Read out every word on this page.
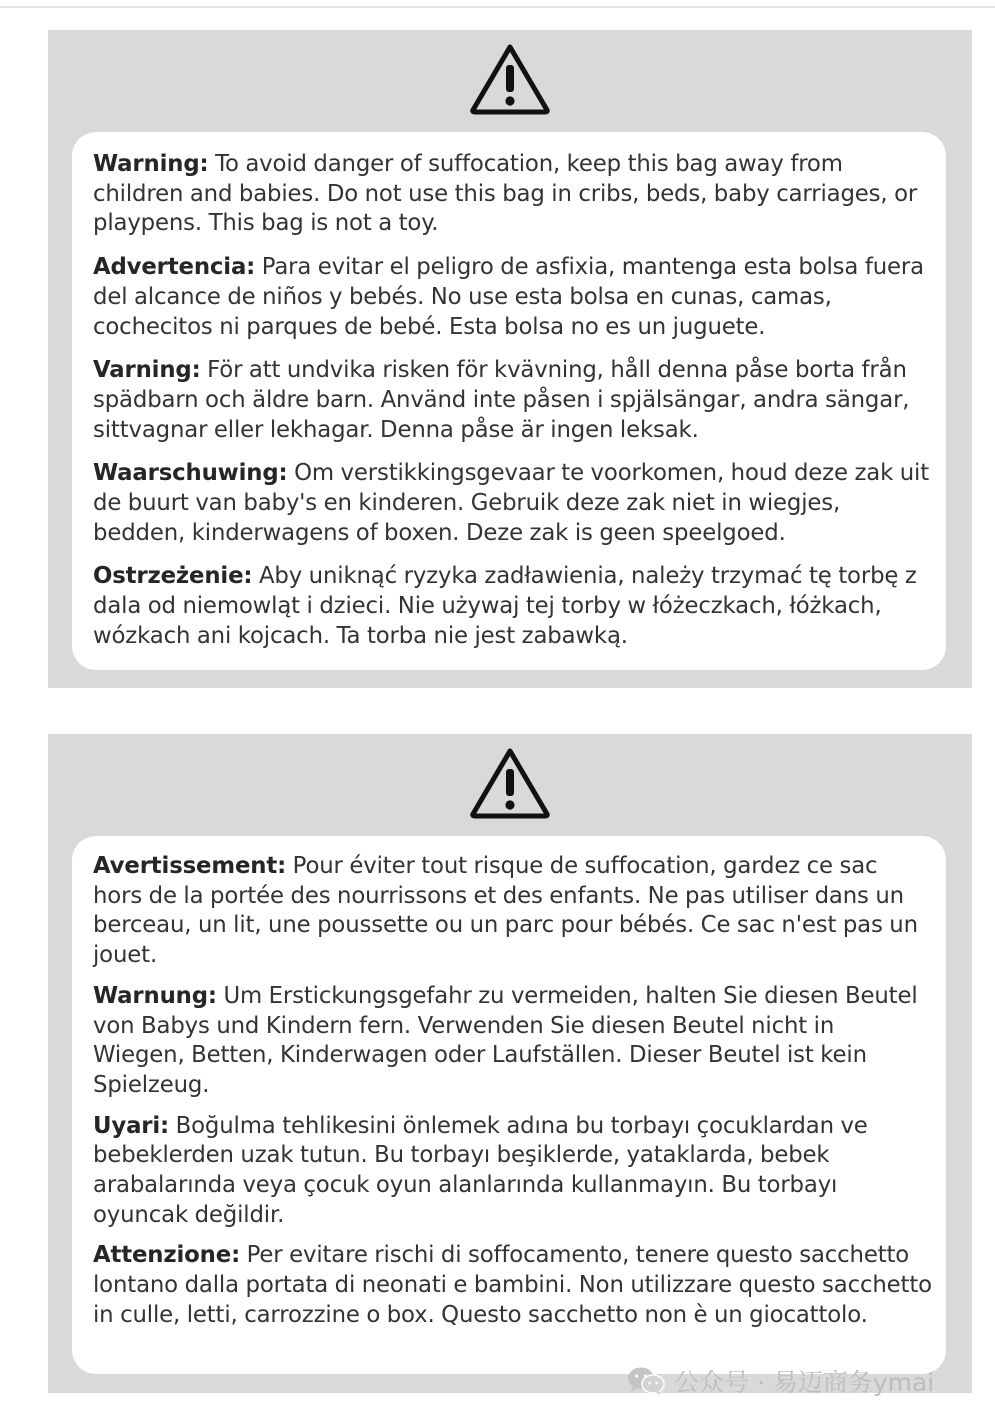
Warning: To avoid danger of suffocation, keep this bag away from children and babies. Do not use this bag in cribs, beds, baby carriages, or playpens. This bag is not a toy.

Advertencia: Para evitar el peligro de asfixia, mantenga esta bolsa fuera del alcance de niños y bebés. No use esta bolsa en cunas, camas, cochecitos ni parques de bebé. Esta bolsa no es un juguete.

Varning: För att undvika risken för kvävning, håll denna påse borta från spädbarn och äldre barn. Använd inte påsen i spjälsängar, andra sängar, sittvagnar eller lekhagar. Denna påse är ingen leksak.

Waarschuwing: Om verstikkingsgevaar te voorkomen, houd deze zak uit de buurt van baby's en kinderen. Gebruik deze zak niet in wiegjes, bedden, kinderwagens of boxen. Deze zak is geen speelgoed.

Ostrzeżenie: Aby uniknąć ryzyka zadławienia, należy trzymać tę torbę z dala od niemowląt i dzieci. Nie używaj tej torby w łóżeczkach, łóżkach, wózkach ani kojcach. Ta torba nie jest zabawką.

Avertissement: Pour éviter tout risque de suffocation, gardez ce sac hors de la portée des nourrissons et des enfants. Ne pas utiliser dans un berceau, un lit, une poussette ou un parc pour bébés. Ce sac n'est pas un jouet.

Warnung: Um Erstickungsgefahr zu vermeiden, halten Sie diesen Beutel von Babys und Kindern fern. Verwenden Sie diesen Beutel nicht in Wiegen, Betten, Kinderwagen oder Laufställen. Dieser Beutel ist kein Spielzeug.

Uyari: Boğulma tehlikesini önlemek adına bu torbayı çocuklardan ve bebeklerden uzak tutun. Bu torbayı beşiklerde, yataklarda, bebek arabalarında veya çocuk oyun alanlarında kullanmayın. Bu torbayı oyuncak değildir.

Attenzione: Per evitare rischi di soffocamento, tenere questo sacchetto lontano dalla portata di neonati e bambini. Non utilizzare questo sacchetto in culle, letti, carrozzine o box. Questo sacchetto non è un giocattolo.

公众号 · 易迈商务ymai
